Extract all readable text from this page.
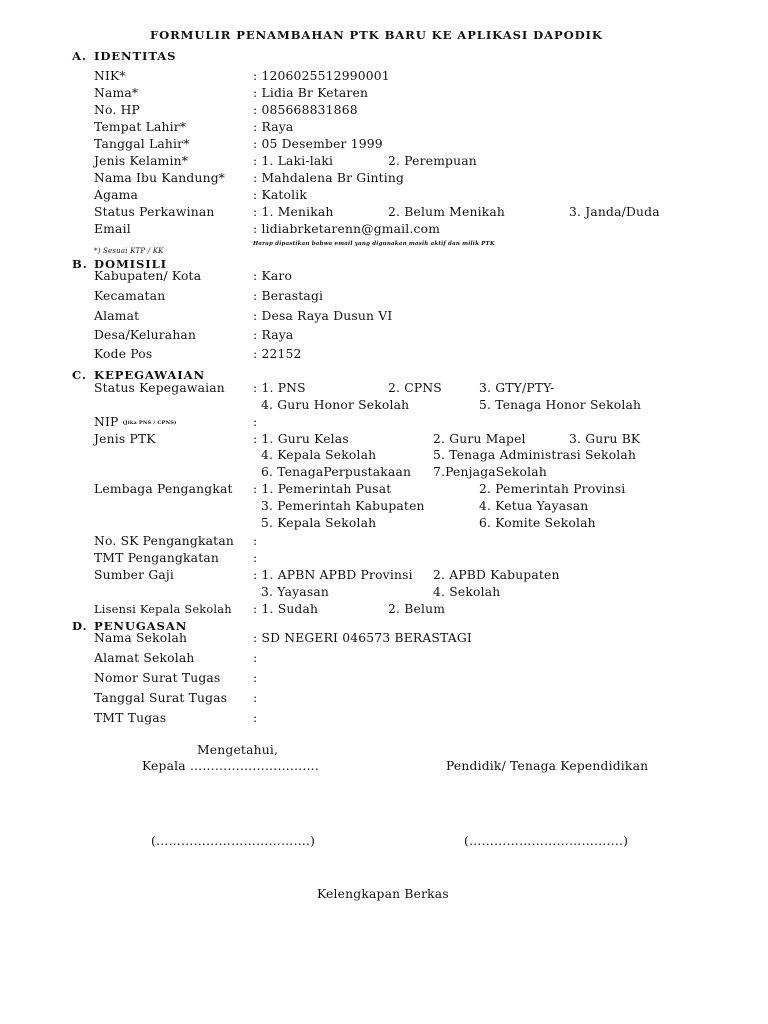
FORMULIR PENAMBAHAN PTK BARU KE APLIKASI DAPODIK
A. IDENTITAS
NIK*	: 1206025512990001
Nama*	: Lidia Br Ketaren
No. HP	: 085668831868
Tempat Lahir*	: Raya
Tanggal Lahir*	: 05 Desember 1999
Jenis Kelamin*	: 1. Laki-laki	2. Perempuan
Nama Ibu Kandung* : Mahdalena Br Ginting
Agama	: Katolik
Status Perkawinan	: 1. Menikah	2. Belum Menikah	3. Janda/Duda
Email	: lidiabrketarenn@gmail.com
Harap dipastikan bahwa email yang digunakan masih aktif dan milik PTK
*) Sesuai KTP / KK
B. DOMISILI
Kabupaten/ Kota	: Karo
Kecamatan	: Berastagi
Alamat	: Desa Raya Dusun VI
Desa/Kelurahan	: Raya
Kode Pos	: 22152
C. KEPEGAWAIAN
Status Kepegawaian : 1. PNS	2. CPNS	3. GTY/PTY-
4. Guru Honor Sekolah	5. Tenaga Honor Sekolah
NIP $^{(Jika PNS / CPNS)}$	:
Jenis PTK	: 1. Guru Kelas	2. Guru Mapel	3. Guru BK
4. Kepala Sekolah	5. Tenaga Administrasi Sekolah
6. TenagaPerpustakaan 7.PenjagaSekolah
Lembaga Pengangkat : 1. Pemerintah Pusat	2. Pemerintah Provinsi
3. Pemerintah Kabupaten	4. Ketua Yayasan
5. Kepala Sekolah	6. Komite Sekolah
No. SK Pengangkatan :
TMT Pengangkatan	:
Sumber Gaji	: 1. APBN APBD Provinsi 2. APBD Kabupaten
3. Yayasan	4. Sekolah
Lisensi Kepala Sekolah : 1. Sudah	2. Belum
D. PENUGASAN
Nama Sekolah	: SD NEGERI 046573 BERASTAGI
Alamat Sekolah	:
Nomor Surat Tugas	:
Tanggal Surat Tugas :
TMT Tugas	:
Mengetahui,
Kepala ………………………….	Pendidik/ Tenaga Kependidikan
(……………………………….)	(……………………………….)
Kelengkapan Berkas
